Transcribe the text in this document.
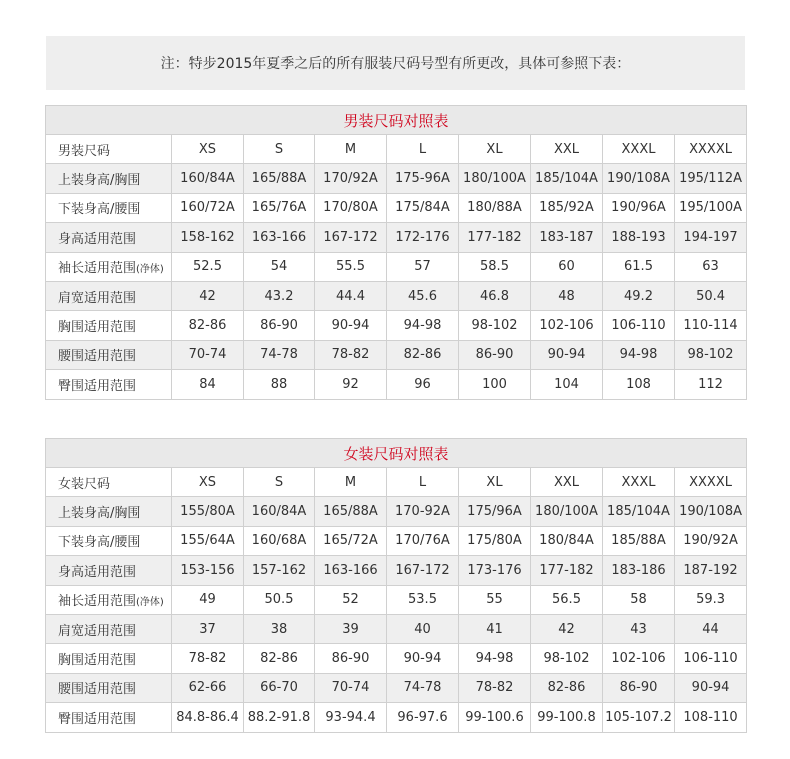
注：特步2015年夏季之后的所有服装尺码号型有所更改，具体可参照下表：
男装尺码对照表								
男装尺码	XS	S	M	L	XL	XXL	XXXL	XXXXL
上装身高/胸围	160/84A	165/88A	170/92A	175-96A	180/100A	185/104A	190/108A	195/112A
下装身高/腰围	160/72A	165/76A	170/80A	175/84A	180/88A	185/92A	190/96A	195/100A
身高适用范围	158-162	163-166	167-172	172-176	177-182	183-187	188-193	194-197
袖长适用范围(净体)	52.5	54	55.5	57	58.5	60	61.5	63
肩宽适用范围	42	43.2	44.4	45.6	46.8	48	49.2	50.4
胸围适用范围	82-86	86-90	90-94	94-98	98-102	102-106	106-110	110-114
腰围适用范围	70-74	74-78	78-82	82-86	86-90	90-94	94-98	98-102
臀围适用范围	84	88	92	96	100	104	108	112
女装尺码对照表								
女装尺码	XS	S	M	L	XL	XXL	XXXL	XXXXL
上装身高/胸围	155/80A	160/84A	165/88A	170-92A	175/96A	180/100A	185/104A	190/108A
下装身高/腰围	155/64A	160/68A	165/72A	170/76A	175/80A	180/84A	185/88A	190/92A
身高适用范围	153-156	157-162	163-166	167-172	173-176	177-182	183-186	187-192
袖长适用范围(净体)	49	50.5	52	53.5	55	56.5	58	59.3
肩宽适用范围	37	38	39	40	41	42	43	44
胸围适用范围	78-82	82-86	86-90	90-94	94-98	98-102	102-106	106-110
腰围适用范围	62-66	66-70	70-74	74-78	78-82	82-86	86-90	90-94
臀围适用范围	84.8-86.4	88.2-91.8	93-94.4	96-97.6	99-100.6	99-100.8	105-107.2	108-110
